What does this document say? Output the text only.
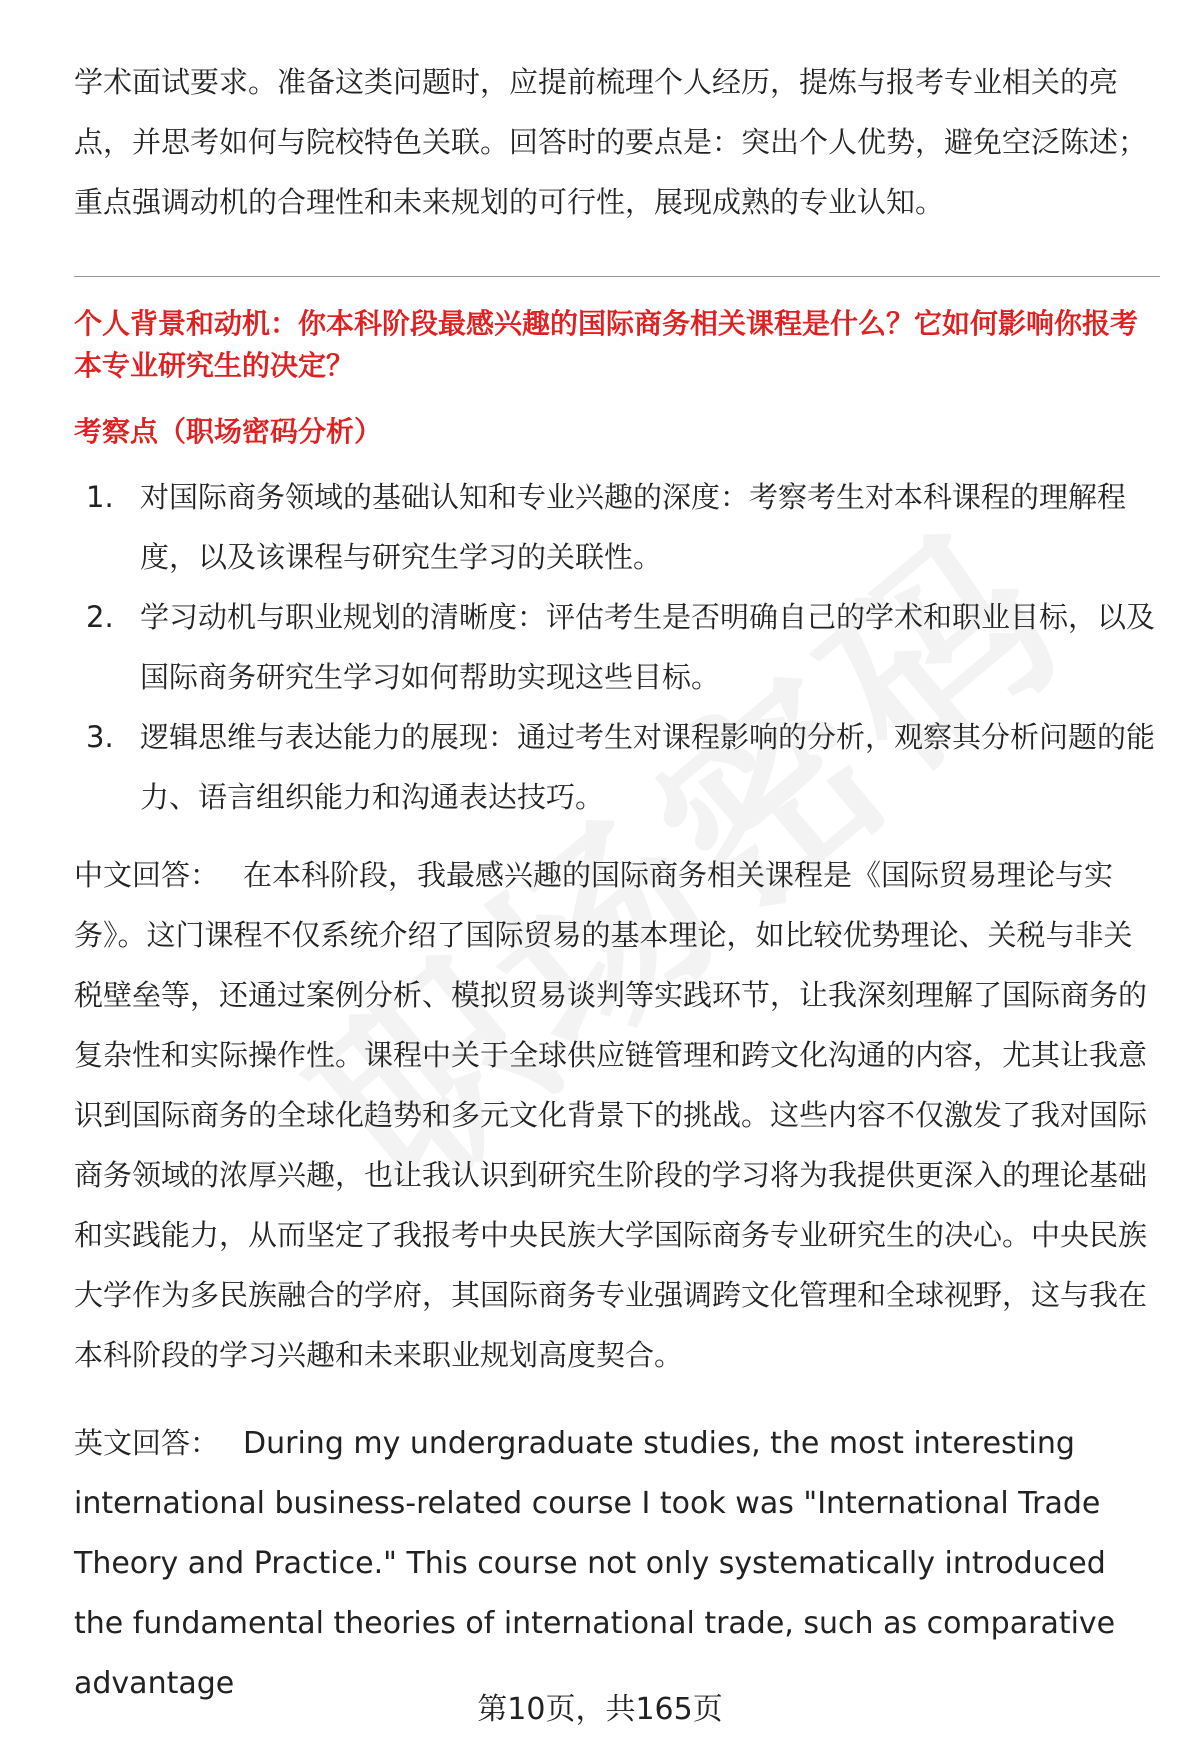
学术面试要求。准备这类问题时，应提前梳理个人经历，提炼与报考专业相关的亮点，并思考如何与院校特色关联。回答时的要点是：突出个人优势，避免空泛陈述；重点强调动机的合理性和未来规划的可行性，展现成熟的专业认知。

个人背景和动机：你本科阶段最感兴趣的国际商务相关课程是什么？它如何影响你报考本专业研究生的决定？

考察点（职场密码分析）

1. 对国际商务领域的基础认知和专业兴趣的深度：考察考生对本科课程的理解程度，以及该课程与研究生学习的关联性。
2. 学习动机与职业规划的清晰度：评估考生是否明确自己的学术和职业目标，以及国际商务研究生学习如何帮助实现这些目标。
3. 逻辑思维与表达能力的展现：通过考生对课程影响的分析，观察其分析问题的能力、语言组织能力和沟通表达技巧。

中文回答： 在本科阶段，我最感兴趣的国际商务相关课程是《国际贸易理论与实务》。这门课程不仅系统介绍了国际贸易的基本理论，如比较优势理论、关税与非关税壁垒等，还通过案例分析、模拟贸易谈判等实践环节，让我深刻理解了国际商务的复杂性和实际操作性。课程中关于全球供应链管理和跨文化沟通的内容，尤其让我意识到国际商务的全球化趋势和多元文化背景下的挑战。这些内容不仅激发了我对国际商务领域的浓厚兴趣，也让我认识到研究生阶段的学习将为我提供更深入的理论基础和实践能力，从而坚定了我报考中央民族大学国际商务专业研究生的决心。中央民族大学作为多民族融合的学府，其国际商务专业强调跨文化管理和全球视野，这与我在本科阶段的学习兴趣和未来职业规划高度契合。

英文回答： During my undergraduate studies, the most interesting international business-related course I took was "International Trade Theory and Practice." This course not only systematically introduced the fundamental theories of international trade, such as comparative advantage

第10页，共165页
